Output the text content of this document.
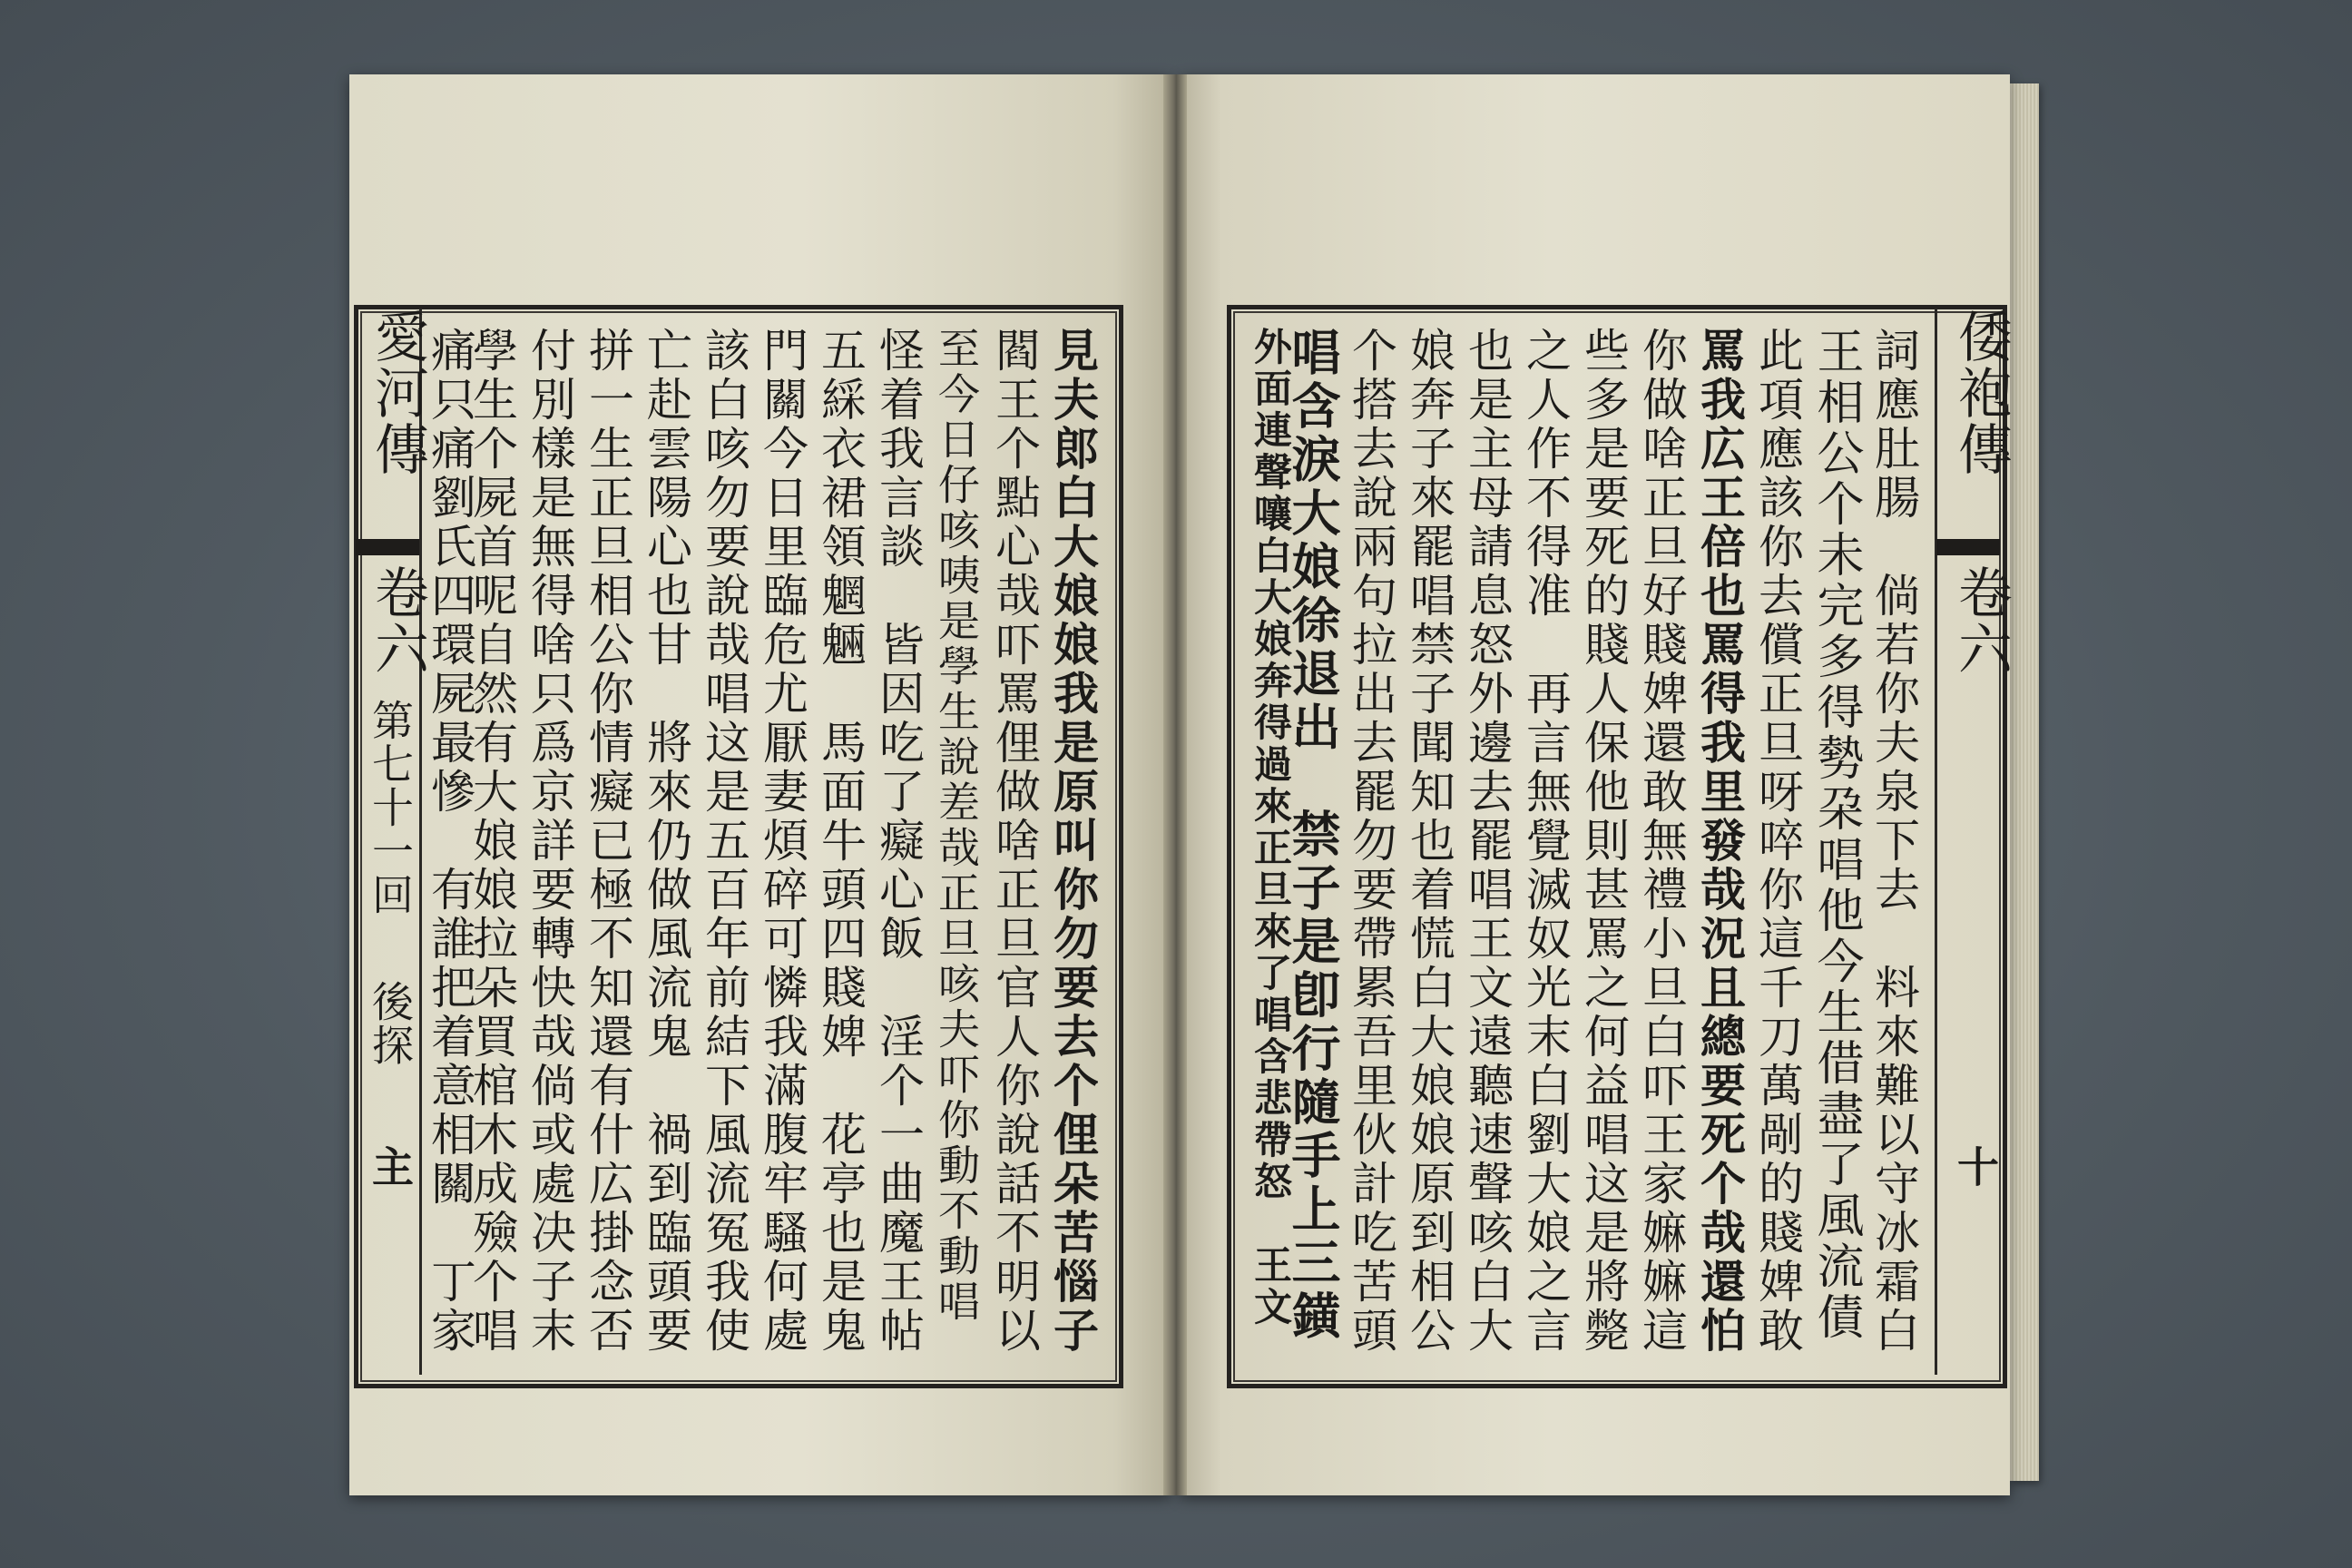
愛河傳
卷六
第七十一回
後探
主	見夫郎白大娘娘我是原叫你勿要去个俚朵苦惱子
閻王个點心哉吓罵俚做啥正旦官人你說話不明以
至今日仔咳咦是學生說差哉正旦咳夫吓你動不動唱
怪着我言談　皆因吃了癡心飯　淫个一曲魔王帖
五綵衣裙領魍魎　馬面牛頭四賤婢　花亭也是鬼
門關今日里臨危尤厭妻煩碎可憐我滿腹牢騷何處
該白咳勿要說哉唱这是五百年前結下風流冤我使
亡赴雲陽心也甘　將來仍做風流鬼　禍到臨頭要
拼一生正旦相公你情癡已極不知還有什広掛念否
付別樣是無得啥只爲京詳要轉快哉倘或處决子末
學生个屍首呢自然有大娘娘拉朵買棺木成殮个唱
痛只痛劉氏四環屍最慘　有誰把着意相關　丁家	詞應肚腸　倘若你夫泉下去　料來難以守冰霜白
王相公个未完多得勢朶唱他今生借盡了風流債
此項應該你去償正旦呀啐你這千刀萬剮的賤婢敢
罵我広王倍也罵得我里發哉況且總要死个哉還怕
你做啥正旦好賤婢還敢無禮小旦白吓王家嫲嫲這
些多是要死的賤人保他則甚罵之何益唱这是將斃
之人作不得准　再言無覺滅奴光末白劉大娘之言
也是主母請息怒外邊去罷唱王文遠聽速聲咳白大
娘奔子來罷唱禁子聞知也着慌白大娘娘原到相公
个搭去說兩句拉出去罷勿要帶累吾里伙計吃苦頭
唱含淚大娘徐退出　禁子是卽行隨手上三鐄
外面連聲嚷白大娘奔得過來正旦來了唱含悲帶怒　王文	倭袍傳
卷六
十
